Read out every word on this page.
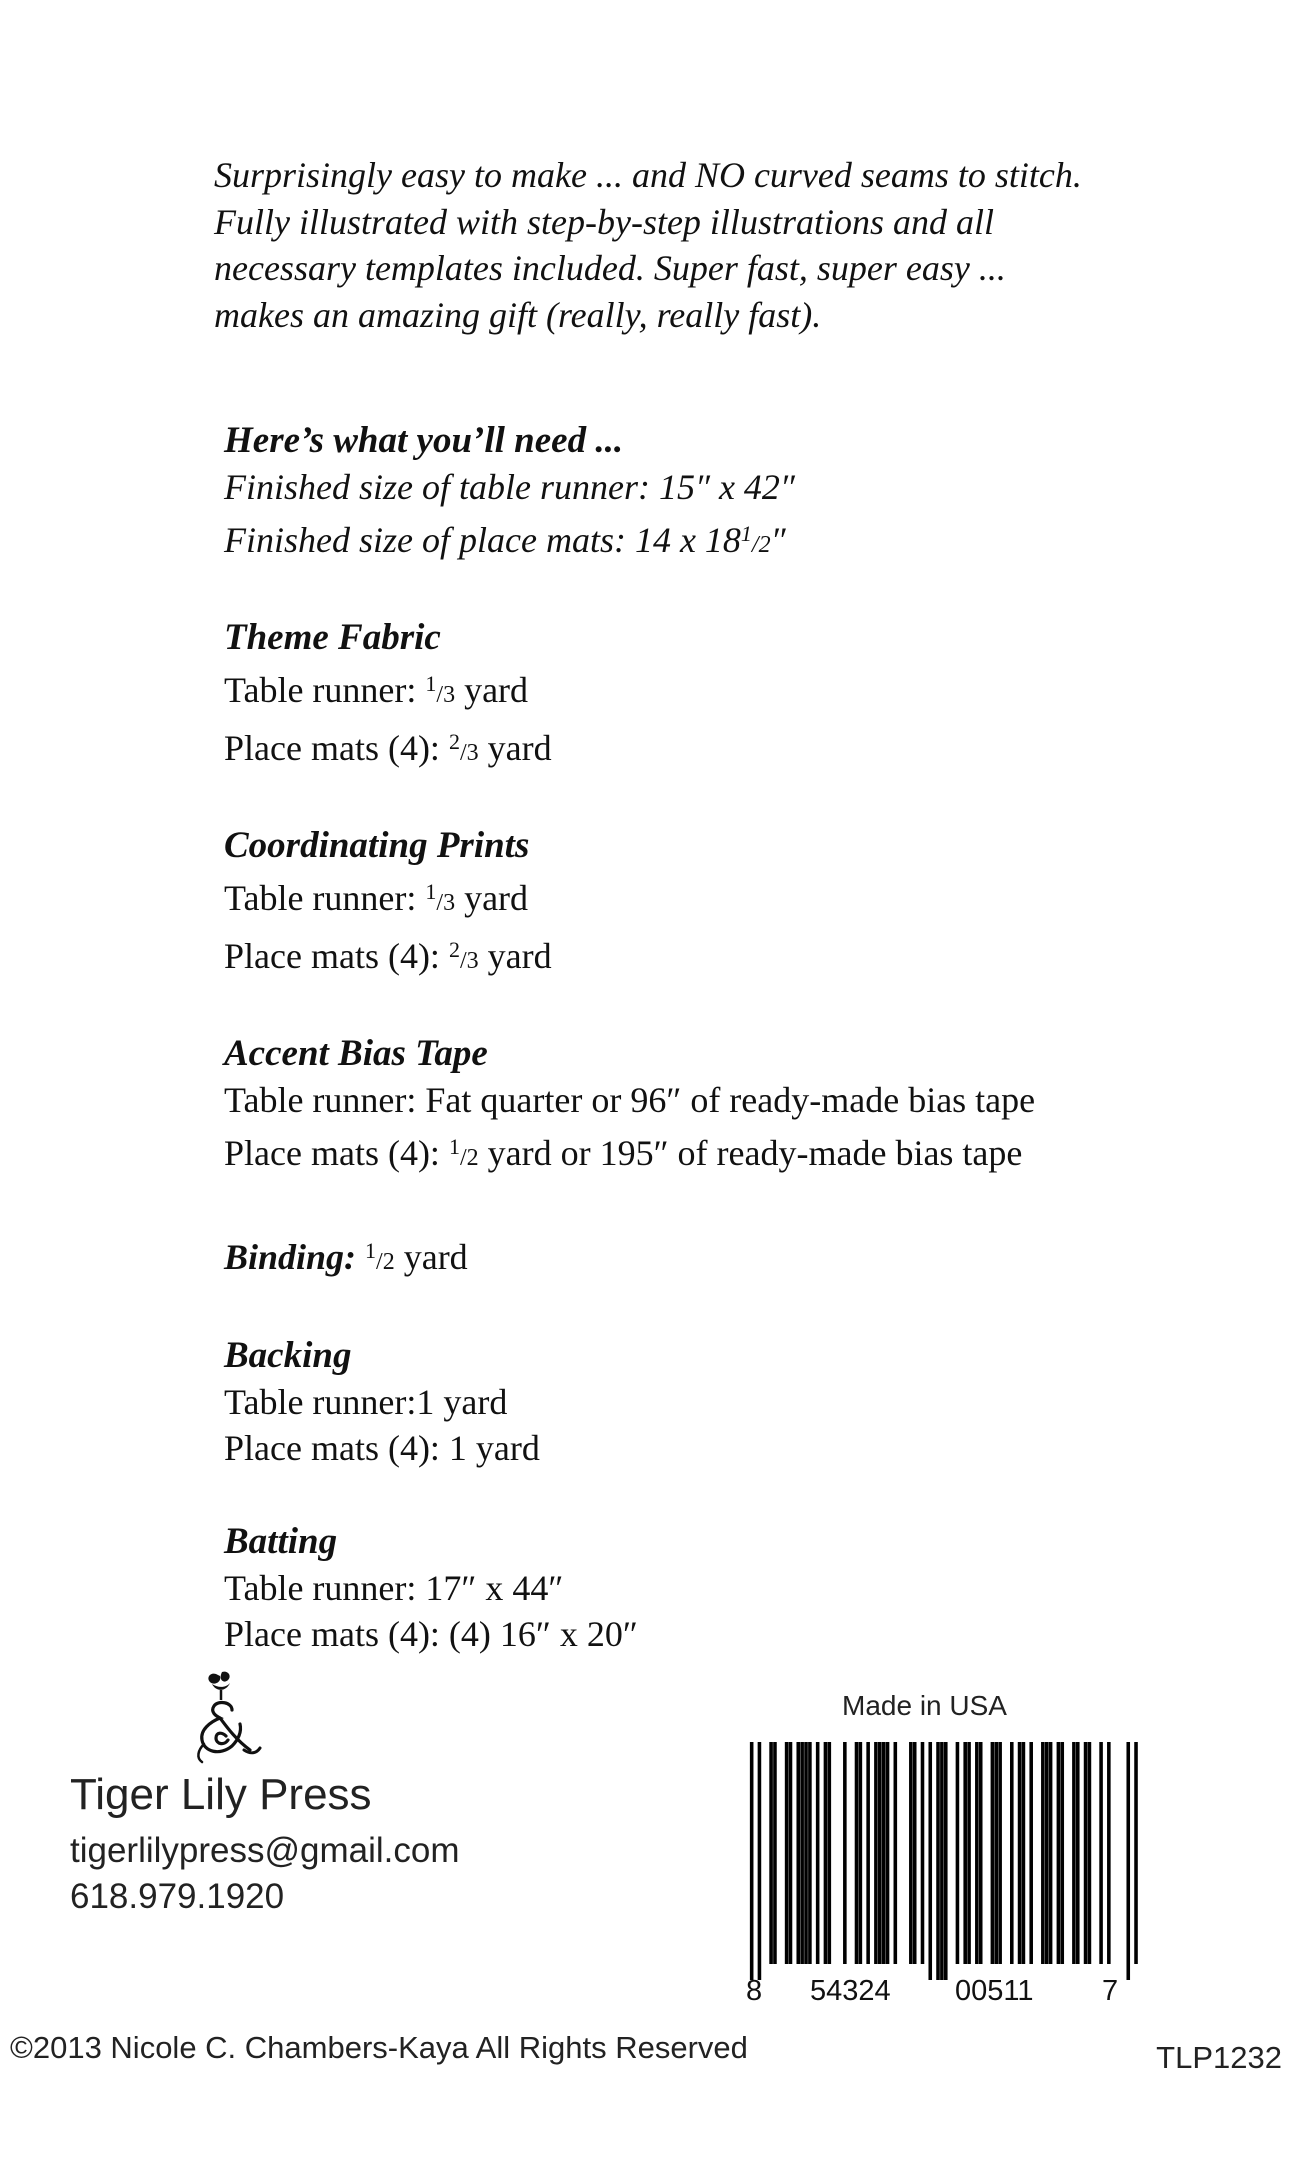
Surprisingly easy to make ... and NO curved seams to stitch.
Fully illustrated with step-by-step illustrations and all
necessary templates included. Super fast, super easy ...
makes an amazing gift (really, really fast).
Here’s what you’ll need ...
Finished size of table runner: 15″ x 42″
Finished size of place mats: 14 x $18^1/2''$
Theme Fabric
Table runner: $^1$/3 yard
Place mats (4): $^2$/3 yard
Coordinating Prints
Table runner: $^1$/3 yard
Place mats (4): $^2$/3 yard
Accent Bias Tape
Table runner: Fat quarter or 96″ of ready-made bias tape
Place mats (4): $^1$/2 yard or 195″ of ready-made bias tape
Binding: $^1$/2 yard
Backing
Table runner:1 yard
Place mats (4): 1 yard
Batting
Table runner: 17″ x 44″
Place mats (4): (4) 16″ x 20″
Tiger Lily Press
tigerlilypress@gmail.com
618.979.1920
Made in USA
8 54324 00511 7
©2013 Nicole C. Chambers-Kaya All Rights Reserved	TLP1232
